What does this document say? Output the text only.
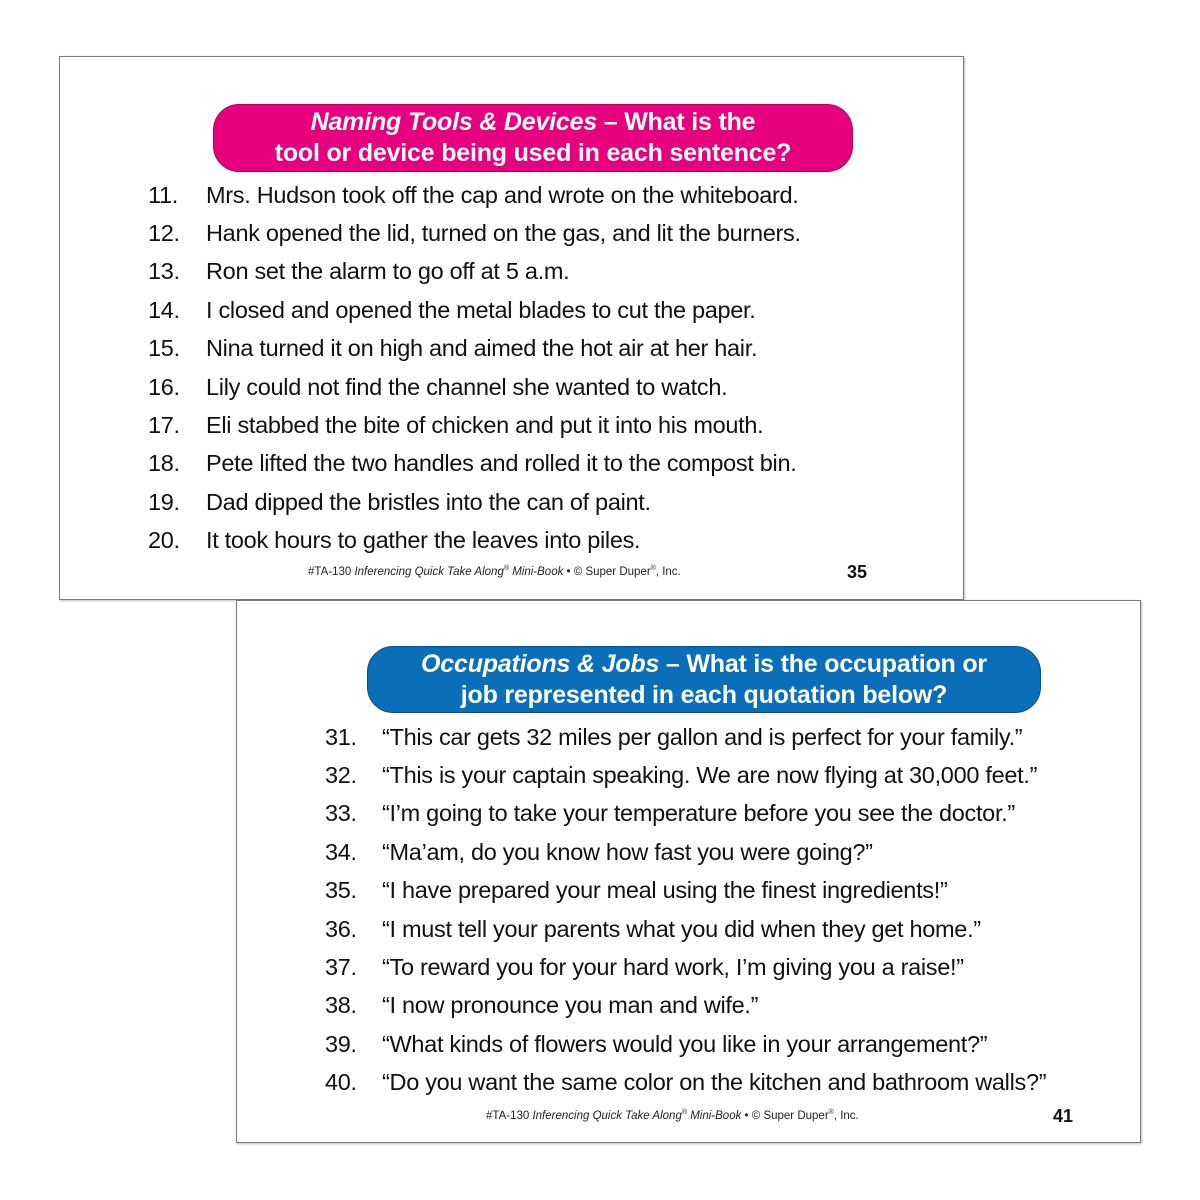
Naming Tools & Devices – What is the
tool or device being used in each sentence?
11.	Mrs. Hudson took off the cap and wrote on the whiteboard.
12.	Hank opened the lid, turned on the gas, and lit the burners.
13.	Ron set the alarm to go off at 5 a.m.
14.	I closed and opened the metal blades to cut the paper.
15.	Nina turned it on high and aimed the hot air at her hair.
16.	Lily could not find the channel she wanted to watch.
17.	Eli stabbed the bite of chicken and put it into his mouth.
18.	Pete lifted the two handles and rolled it to the compost bin.
19.	Dad dipped the bristles into the can of paint.
20.	It took hours to gather the leaves into piles.
#TA-130 Inferencing Quick Take Along® Mini-Book • © Super Duper®, Inc.	35
Occupations & Jobs – What is the occupation or
job represented in each quotation below?
31.	“This car gets 32 miles per gallon and is perfect for your family.”
32.	“This is your captain speaking. We are now flying at 30,000 feet.”
33.	“I’m going to take your temperature before you see the doctor.”
34.	“Ma’am, do you know how fast you were going?”
35.	“I have prepared your meal using the finest ingredients!”
36.	“I must tell your parents what you did when they get home.”
37.	“To reward you for your hard work, I’m giving you a raise!”
38.	“I now pronounce you man and wife.”
39.	“What kinds of flowers would you like in your arrangement?”
40.	“Do you want the same color on the kitchen and bathroom walls?”
#TA-130 Inferencing Quick Take Along® Mini-Book • © Super Duper®, Inc.	41
